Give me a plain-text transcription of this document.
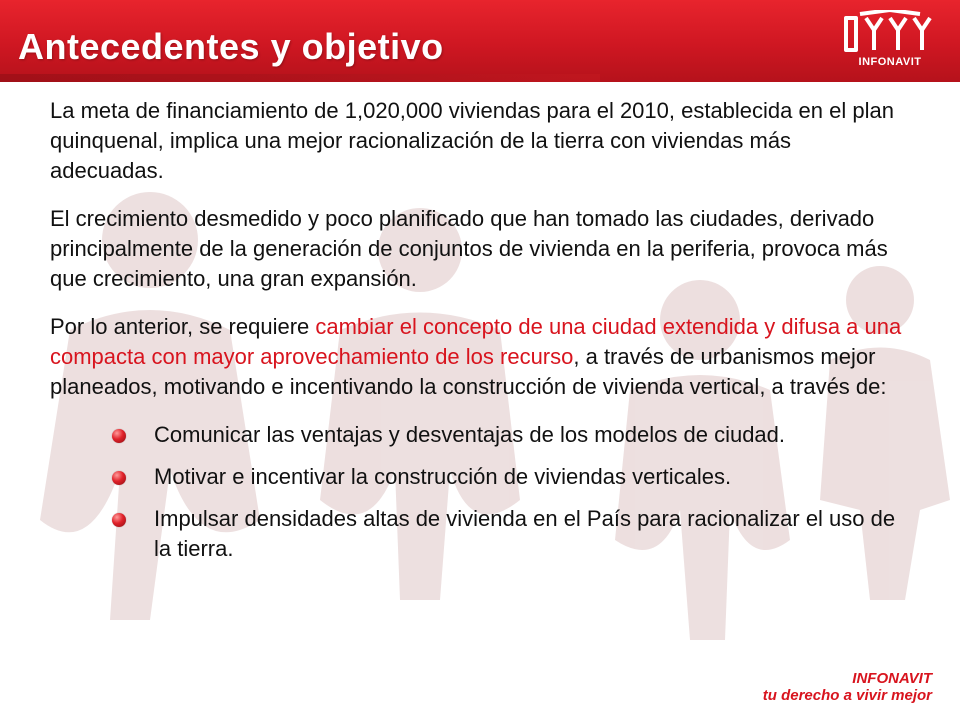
Antecedentes y objetivo	INFONAVIT

La meta de financiamiento de 1,020,000 viviendas para el 2010, establecida en el plan quinquenal, implica una mejor racionalización de la tierra con viviendas más adecuadas.

El crecimiento desmedido y poco planificado que han tomado las ciudades, derivado principalmente de la generación de conjuntos de vivienda en la periferia, provoca más que crecimiento, una gran expansión.

Por lo anterior, se requiere cambiar el concepto de una ciudad extendida y difusa a una compacta con mayor aprovechamiento de los recurso, a través de urbanismos mejor planeados, motivando e incentivando la construcción de vivienda vertical, a través de:

Comunicar las ventajas y desventajas de los modelos de ciudad.
Motivar e incentivar la construcción de viviendas verticales.
Impulsar densidades altas de vivienda en el País para racionalizar el uso de la tierra.
INFONAVIT
tu derecho a vivir mejor
